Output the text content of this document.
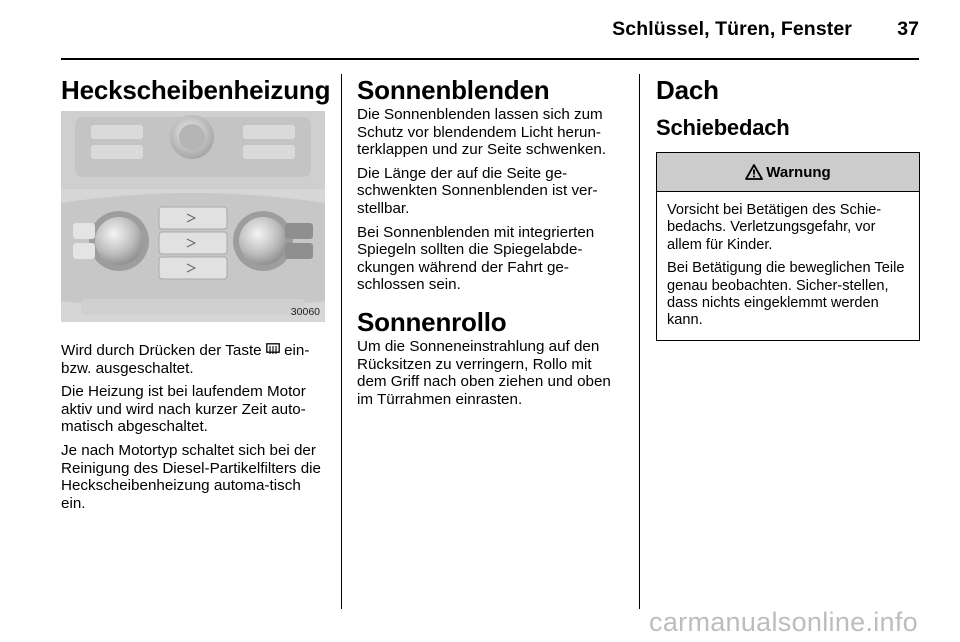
Schlüssel, Türen, Fenster 37
Heckscheibenheizung
30060

Wird durch Drücken der Taste  ein-bzw. ausgeschaltet.

Die Heizung ist bei laufendem Motor aktiv und wird nach kurzer Zeit auto-matisch abgeschaltet.

Je nach Motortyp schaltet sich bei der Reinigung des Diesel-Partikelfilters die Heckscheibenheizung automa-tisch ein.

Sonnenblenden

Die Sonnenblenden lassen sich zum Schutz vor blendendem Licht herun-terklappen und zur Seite schwenken.

Die Länge der auf die Seite ge-schwenkten Sonnenblenden ist ver-stellbar.

Bei Sonnenblenden mit integrierten Spiegeln sollten die Spiegelabde-ckungen während der Fahrt ge-schlossen sein.

Sonnenrollo

Um die Sonneneinstrahlung auf den Rücksitzen zu verringern, Rollo mit dem Griff nach oben ziehen und oben im Türrahmen einrasten.

Dach
Schiebedach
Warnung

Vorsicht bei Betätigen des Schie-bedachs. Verletzungsgefahr, vor allem für Kinder.

Bei Betätigung die beweglichen Teile genau beobachten. Sicher-stellen, dass nichts eingeklemmt werden kann.

carmanualsonline.info
